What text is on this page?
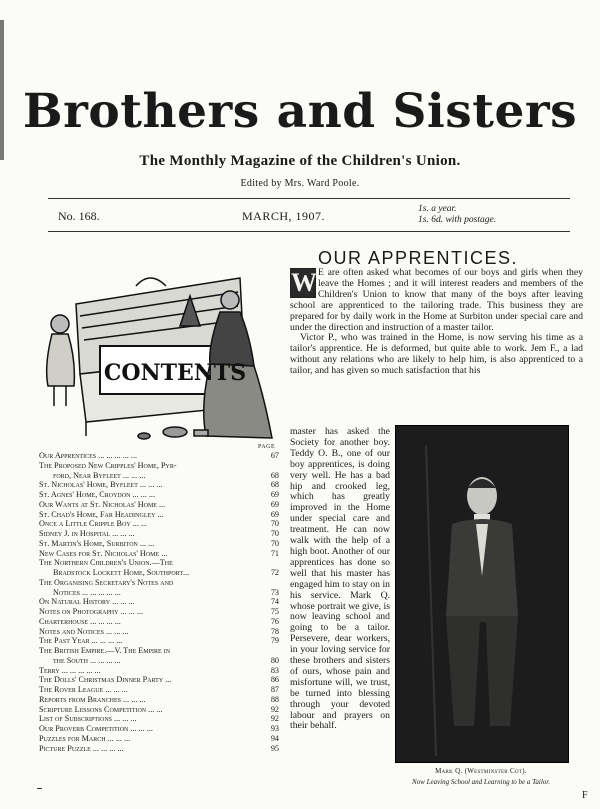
Brothers and Sisters
The Monthly Magazine of the Children's Union.
Edited by Mrs. Ward Poole.
No. 168.	MARCH, 1907.	1s. a year.
1s. 6d. with postage.
CONTENTS
PAGE
Our Apprentices ... ... ... ... ...	67
The Proposed New Cripples' Home, Pyr-
ford, Near Byfleet ... ... ...	68
St. Nicholas' Home, Byfleet ... ... ...	68
St. Agnes' Home, Croydon ... ... ...	69
Our Wants at St. Nicholas' Home ...	69
St. Chad's Home, Far Headingley ...	69
Once a Little Cripple Boy ... ...	70
Sidney J. in Hospital ... ... ...	70
St. Martin's Home, Surbiton ... ...	70
New Cases for St. Nicholas' Home ...	71
The Northern Children's Union.—The
Bradstock Lockett Home, Southport...	72
The Organising Secretary's Notes and
Notices ... ... ... ... ...	73
On Natural History ... ... ...	74
Notes on Photography ... ... ...	75
Charterhouse ... ... ... ...	76
Notes and Notices ... ... ...	78
The Past Year ... ... ... ...	79
The British Empire.—V. The Empire in
the South ... ... ... ...	80
Terry ... ... ... ... ...	83
The Dolls' Christmas Dinner Party ...	86
The Rover League ... ... ...	87
Reports from Branches ... ... ...	88
Scripture Lessons Competition ... ...	92
List of Subscriptions ... ... ...	92
Our Proverb Competition ... ... ...	93
Puzzles for March ... ... ...	94
Picture Puzzle ... ... ... ...	95
OUR APPRENTICES.

E are often asked what becomes of our boys and girls when they leave the Homes ; and it will interest readers and members of the Children's Union to know that many of the boys after leaving school are apprenticed to the tailoring trade. This business they are prepared for by daily work in the Home at Surbiton under special care and under the direction and instruction of a master tailor.

Victor P., who was trained in the Home, is now serving his time as a tailor's apprentice. He is deformed, but quite able to work. Jem F., a lad without any relations who are likely to help him, is also apprenticed to a tailor, and has given so much satisfaction that his

W

master has asked the Society for another boy. Teddy O. B., one of our boy apprentices, is doing very well. He has a bad hip and crooked leg, which has greatly improved in the Home under special care and treatment. He can now walk with the help of a high boot. Another of our apprentices has done so well that his master has engaged him to stay on in his service. Mark Q. whose portrait we give, is now leaving school and going to be a tailor. Persevere, dear workers, in your loving service for these brothers and sisters of ours, whose pain and misfortune will, we trust, be turned into blessing through your devoted labour and prayers on their behalf.

Mark Q. (Westminster Cot).
Now Leaving School and Learning to be a Tailor.
F
